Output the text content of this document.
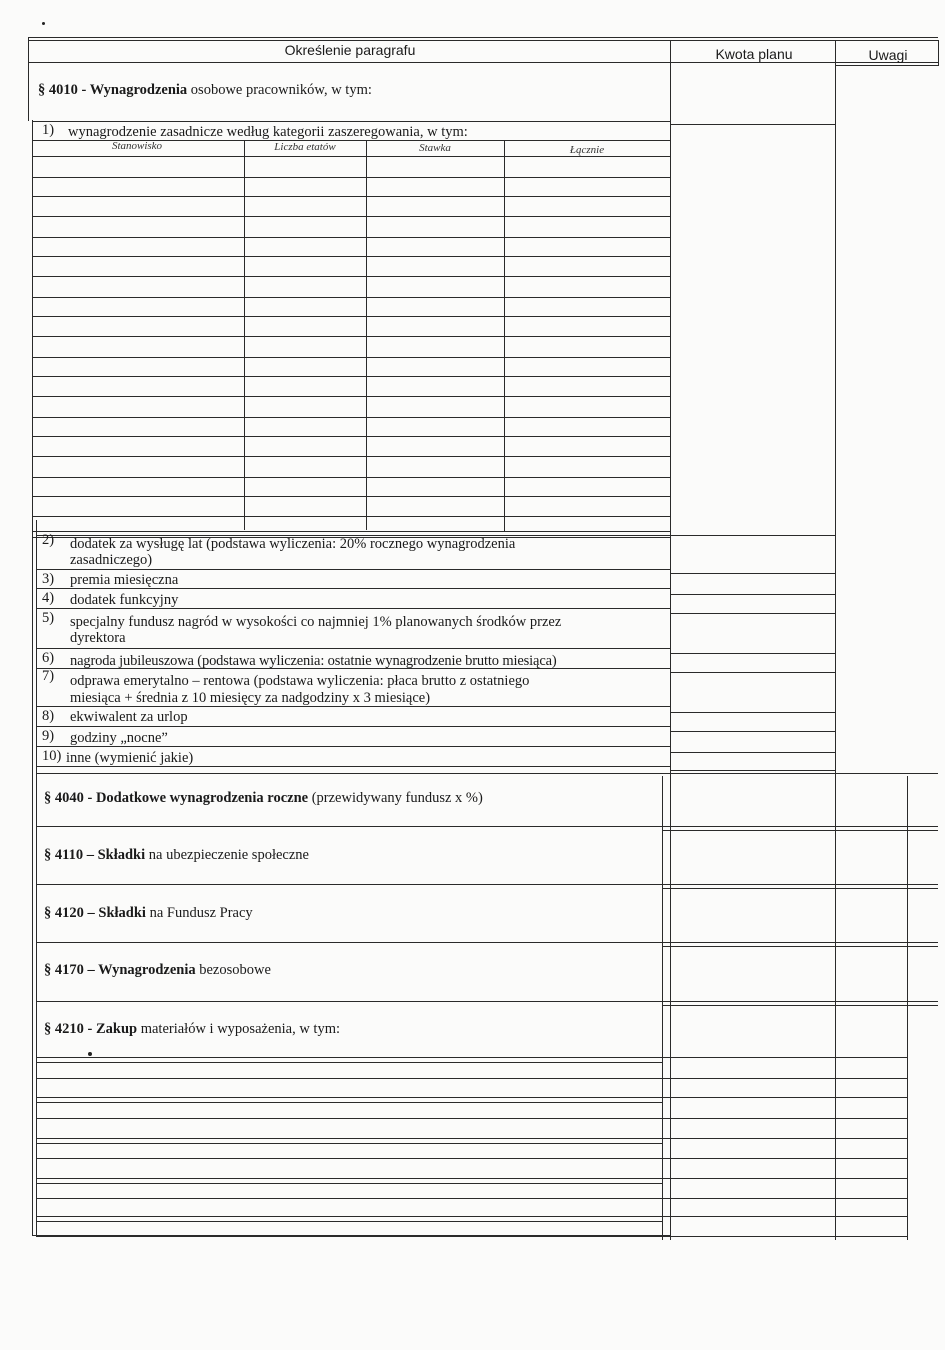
Określenie paragrafu	Kwota planu	Uwagi
§ 4010 - Wynagrodzenia osobowe pracowników, w tym:
1) wynagrodzenie zasadnicze według kategorii zaszeregowania, w tym:
Stanowisko	Liczba etatów	Stawka	Łącznie
2) dodatek za wysługę lat (podstawa wyliczenia: 20% rocznego wynagrodzenia
zasadniczego)
3) premia miesięczna
4) dodatek funkcyjny
5) specjalny fundusz nagród w wysokości co najmniej 1% planowanych środków przez
dyrektora
6) nagroda jubileuszowa (podstawa wyliczenia: ostatnie wynagrodzenie brutto miesiąca)
7) odprawa emerytalno – rentowa (podstawa wyliczenia: płaca brutto z ostatniego
miesiąca + średnia z 10 miesięcy za nadgodziny x 3 miesiące)
8) ekwiwalent za urlop
9) godziny „nocne”
10) inne (wymienić jakie)
§ 4040 - Dodatkowe wynagrodzenia roczne (przewidywany fundusz x %)
§ 4110 – Składki na ubezpieczenie społeczne
§ 4120 – Składki na Fundusz Pracy
§ 4170 – Wynagrodzenia bezosobowe
§ 4210 - Zakup materiałów i wyposażenia, w tym:
